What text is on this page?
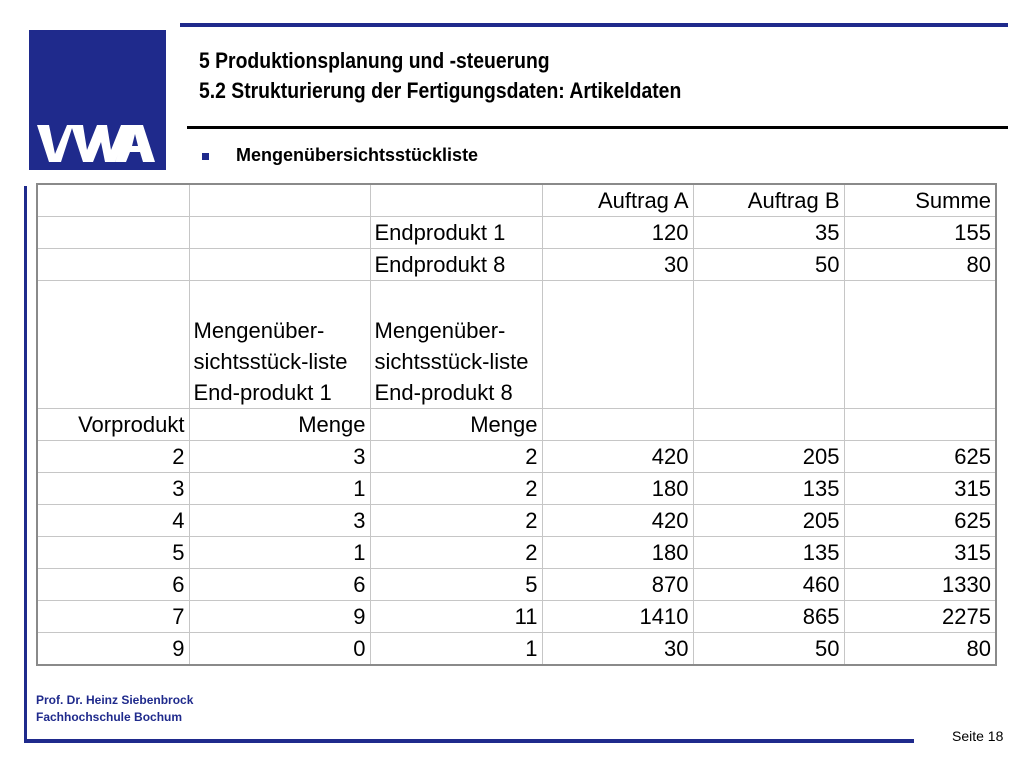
5 Produktionsplanung und -steuerung
5.2 Strukturierung der Fertigungsdaten: Artikeldaten
Mengenübersichtsstückliste
			Auftrag A	Auftrag B	Summe
		Endprodukt 1	120	35	155
		Endprodukt 8	30	50	80
	Mengenüber-sichtsstück-liste End-produkt 1	Mengenüber-sichtsstück-liste End-produkt 8			
Vorprodukt	Menge	Menge			
2	3	2	420	205	625
3	1	2	180	135	315
4	3	2	420	205	625
5	1	2	180	135	315
6	6	5	870	460	1330
7	9	11	1410	865	2275
9	0	1	30	50	80
Prof. Dr. Heinz Siebenbrock
Fachhochschule Bochum
Seite 18
